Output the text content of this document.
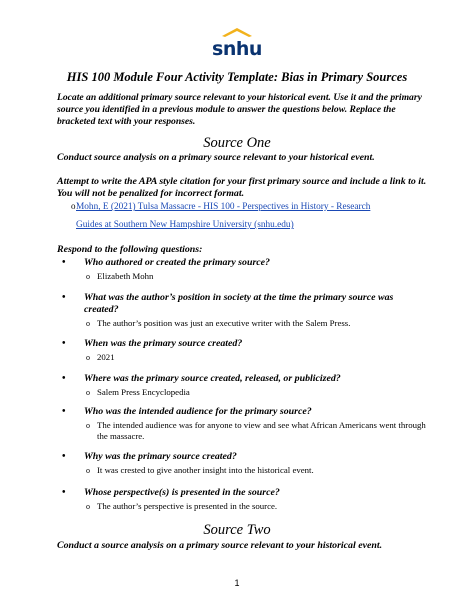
snhu
HIS 100 Module Four Activity Template: Bias in Primary Sources
Locate an additional primary source relevant to your historical event. Use it and the primary source you identified in a previous module to answer the questions below. Replace the bracketed text with your responses.
Source One
Conduct source analysis on a primary source relevant to your historical event.
Attempt to write the APA style citation for your first primary source and include a link to it. You will not be penalized for incorrect format.
o Mohn, E (2021) Tulsa Massacre - HIS 100 - Perspectives in History - Research
Guides at Southern New Hampshire University (snhu.edu)
Respond to the following questions:
•	Who authored or created the primary source?
o Elizabeth Mohn
•	What was the author’s position in society at the time the primary source was created?
o The author’s position was just an executive writer with the Salem Press.
•	When was the primary source created?
o 2021
•	Where was the primary source created, released, or publicized?
o Salem Press Encyclopedia
•	Who was the intended audience for the primary source?
o The intended audience was for anyone to view and see what African Americans went through the massacre.
•	Why was the primary source created?
o It was crested to give another insight into the historical event.
•	Whose perspective(s) is presented in the source?
o The author’s perspective is presented in the source.
Source Two
Conduct a source analysis on a primary source relevant to your historical event.
1
